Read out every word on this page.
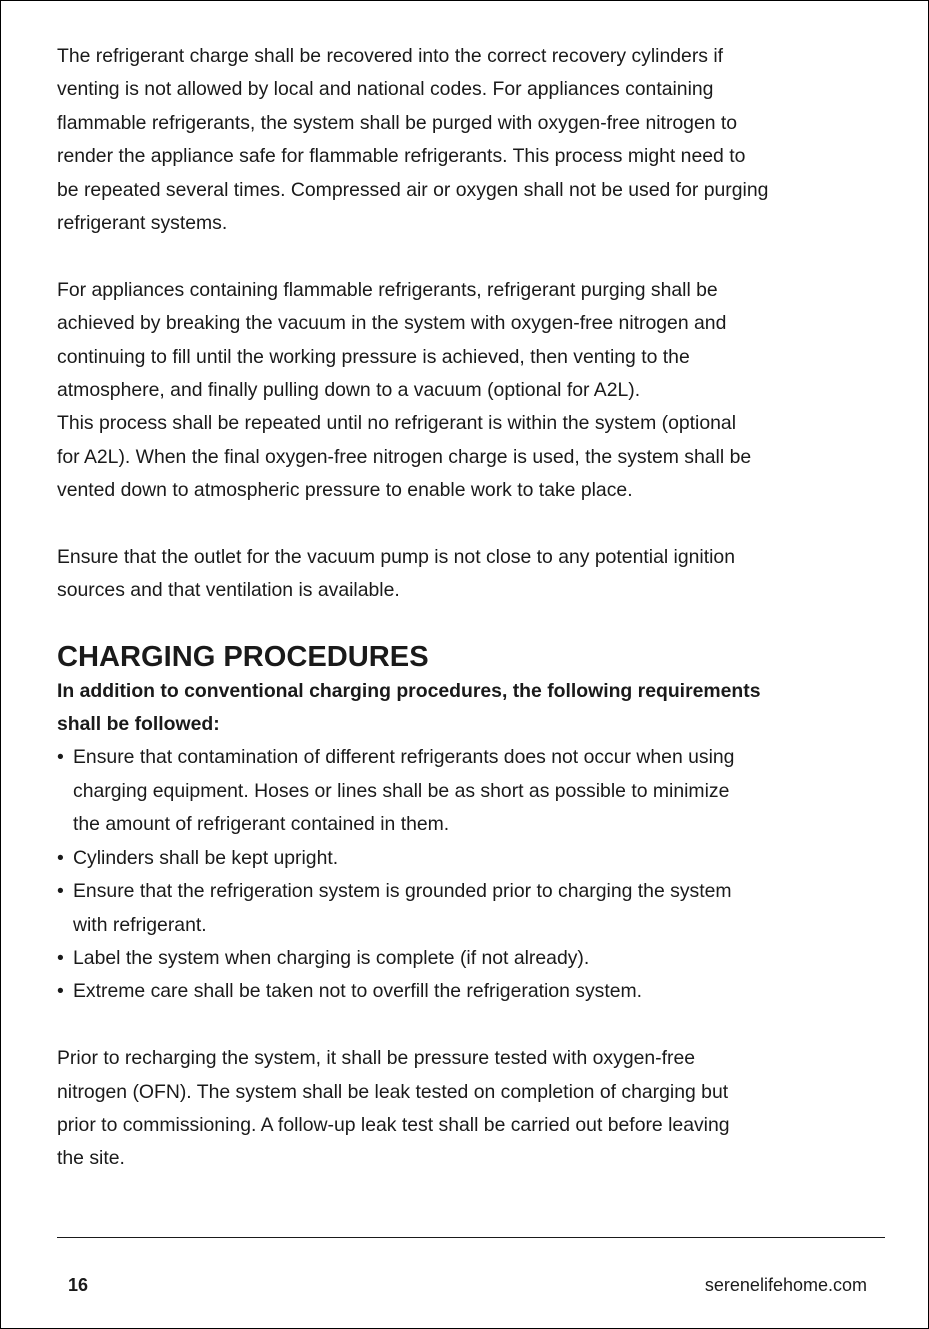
The refrigerant charge shall be recovered into the correct recovery cylinders if
venting is not allowed by local and national codes. For appliances containing
flammable refrigerants, the system shall be purged with oxygen-free nitrogen to
render the appliance safe for flammable refrigerants. This process might need to
be repeated several times. Compressed air or oxygen shall not be used for purging
refrigerant systems.

For appliances containing flammable refrigerants, refrigerant purging shall be
achieved by breaking the vacuum in the system with oxygen-free nitrogen and
continuing to fill until the working pressure is achieved, then venting to the
atmosphere, and finally pulling down to a vacuum (optional for A2L).
This process shall be repeated until no refrigerant is within the system (optional
for A2L). When the final oxygen-free nitrogen charge is used, the system shall be
vented down to atmospheric pressure to enable work to take place.

Ensure that the outlet for the vacuum pump is not close to any potential ignition
sources and that ventilation is available.

CHARGING PROCEDURES

In addition to conventional charging procedures, the following requirements
shall be followed:

• Ensure that contamination of different refrigerants does not occur when using
charging equipment. Hoses or lines shall be as short as possible to minimize
the amount of refrigerant contained in them.
• Cylinders shall be kept upright.
• Ensure that the refrigeration system is grounded prior to charging the system
with refrigerant.
• Label the system when charging is complete (if not already).
• Extreme care shall be taken not to overfill the refrigeration system.

Prior to recharging the system, it shall be pressure tested with oxygen-free
nitrogen (OFN). The system shall be leak tested on completion of charging but
prior to commissioning. A follow-up leak test shall be carried out before leaving
the site.

16	serenelifehome.com
